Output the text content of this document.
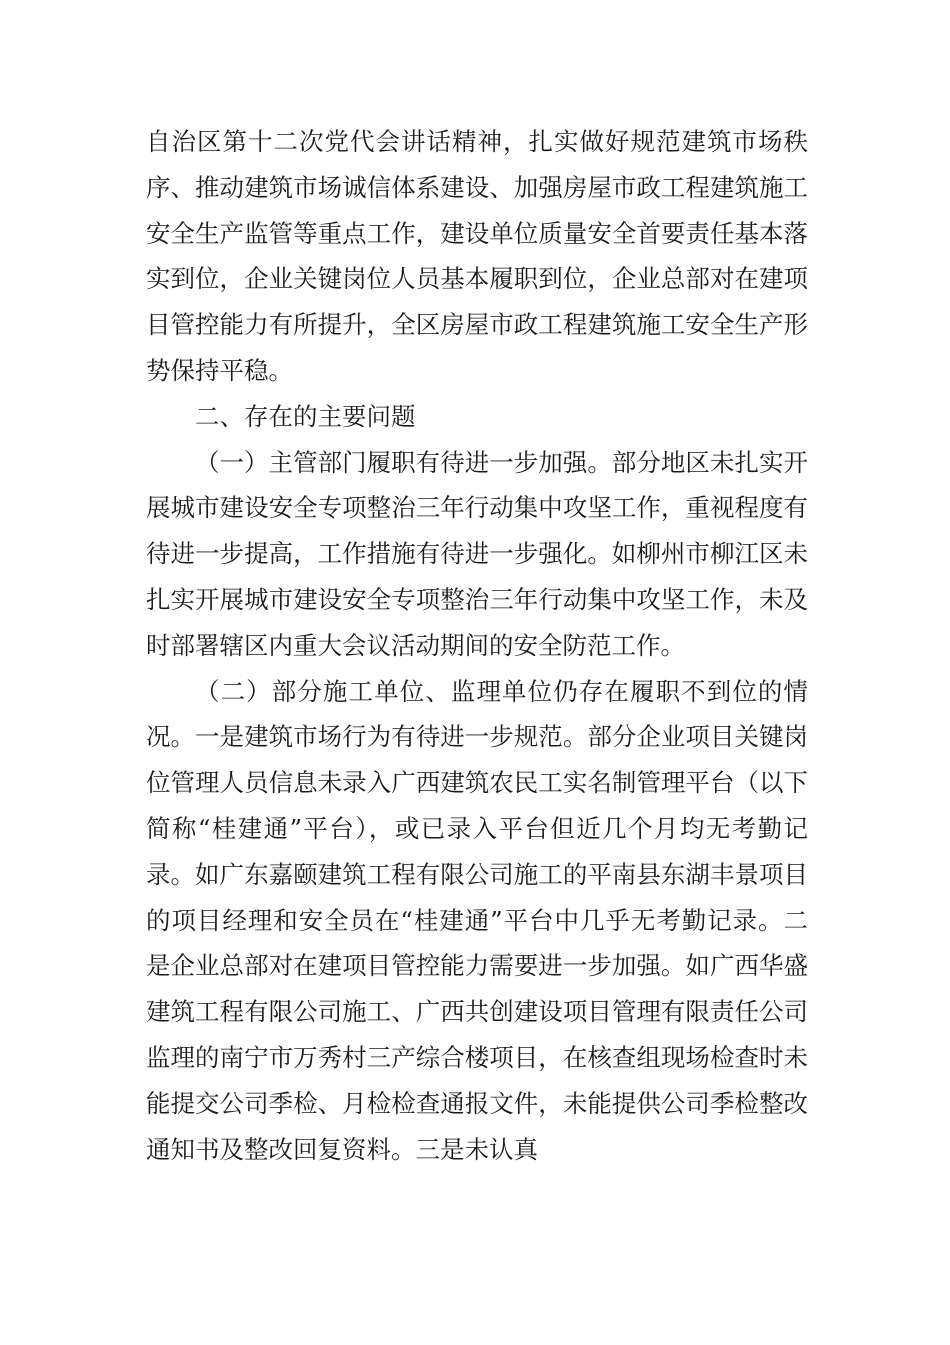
自治区第十二次党代会讲话精神，扎实做好规范建筑市场秩序、推动建筑市场诚信体系建设、加强房屋市政工程建筑施工安全生产监管等重点工作，建设单位质量安全首要责任基本落实到位，企业关键岗位人员基本履职到位，企业总部对在建项目管控能力有所提升，全区房屋市政工程建筑施工安全生产形势保持平稳。

二、存在的主要问题

（一）主管部门履职有待进一步加强。部分地区未扎实开展城市建设安全专项整治三年行动集中攻坚工作，重视程度有待进一步提高，工作措施有待进一步强化。如柳州市柳江区未扎实开展城市建设安全专项整治三年行动集中攻坚工作，未及时部署辖区内重大会议活动期间的安全防范工作。

（二）部分施工单位、监理单位仍存在履职不到位的情况。一是建筑市场行为有待进一步规范。部分企业项目关键岗位管理人员信息未录入广西建筑农民工实名制管理平台（以下简称“桂建通”平台），或已录入平台但近几个月均无考勤记录。如广东嘉颐建筑工程有限公司施工的平南县东湖丰景项目的项目经理和安全员在“桂建通”平台中几乎无考勤记录。二是企业总部对在建项目管控能力需要进一步加强。如广西华盛建筑工程有限公司施工、广西共创建设项目管理有限责任公司监理的南宁市万秀村三产综合楼项目，在核查组现场检查时未能提交公司季检、月检检查通报文件，未能提供公司季检整改通知书及整改回复资料。三是未认真
